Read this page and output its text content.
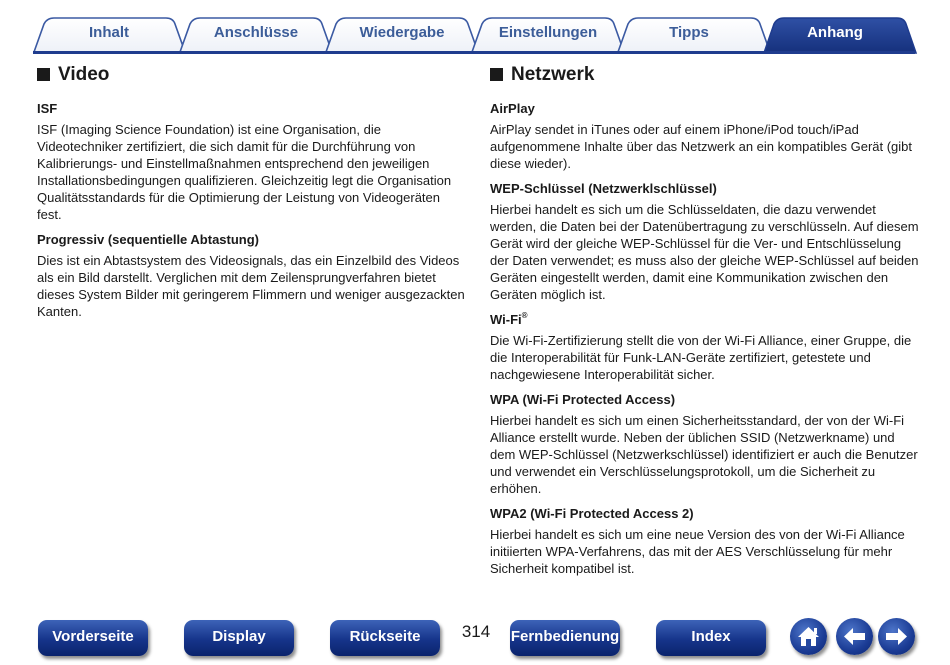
Inhalt	Anschlüsse	Wiedergabe	Einstellungen	Tipps	Anhang
Video
ISF
ISF (Imaging Science Foundation) ist eine Organisation, die Videotechniker zertifiziert, die sich damit für die Durchführung von Kalibrierungs- und Einstellmaßnahmen entsprechend den jeweiligen Installationsbedingungen qualifizieren. Gleichzeitig legt die Organisation Qualitätsstandards für die Optimierung der Leistung von Videogeräten fest.
Progressiv (sequentielle Abtastung)
Dies ist ein Abtastsystem des Videosignals, das ein Einzelbild des Videos als ein Bild darstellt. Verglichen mit dem Zeilensprungverfahren bietet dieses System Bilder mit geringerem Flimmern und weniger ausgezackten Kanten.
Netzwerk
AirPlay
AirPlay sendet in iTunes oder auf einem iPhone/iPod touch/iPad aufgenommene Inhalte über das Netzwerk an ein kompatibles Gerät (gibt diese wieder).
WEP-Schlüssel (Netzwerklschlüssel)
Hierbei handelt es sich um die Schlüsseldaten, die dazu verwendet werden, die Daten bei der Datenübertragung zu verschlüsseln. Auf diesem Gerät wird der gleiche WEP-Schlüssel für die Ver- und Entschlüsselung der Daten verwendet; es muss also der gleiche WEP-Schlüssel auf beiden Geräten eingestellt werden, damit eine Kommunikation zwischen den Geräten möglich ist.
Wi-Fi®
Die Wi-Fi-Zertifizierung stellt die von der Wi-Fi Alliance, einer Gruppe, die die Interoperabilität für Funk-LAN-Geräte zertifiziert, getestete und nachgewiesene Interoperabilität sicher.
WPA (Wi-Fi Protected Access)
Hierbei handelt es sich um einen Sicherheitsstandard, der von der Wi-Fi Alliance erstellt wurde. Neben der üblichen SSID (Netzwerkname) und dem WEP-Schlüssel (Netzwerkschlüssel) identifiziert er auch die Benutzer und verwendet ein Verschlüsselungsprotokoll, um die Sicherheit zu erhöhen.
WPA2 (Wi-Fi Protected Access 2)
Hierbei handelt es sich um eine neue Version des von der Wi-Fi Alliance initiierten WPA-Verfahrens, das mit der AES Verschlüsselung für mehr Sicherheit kompatibel ist.
Vorderseite	Display	Rückseite	314	Fernbedienung	Index
